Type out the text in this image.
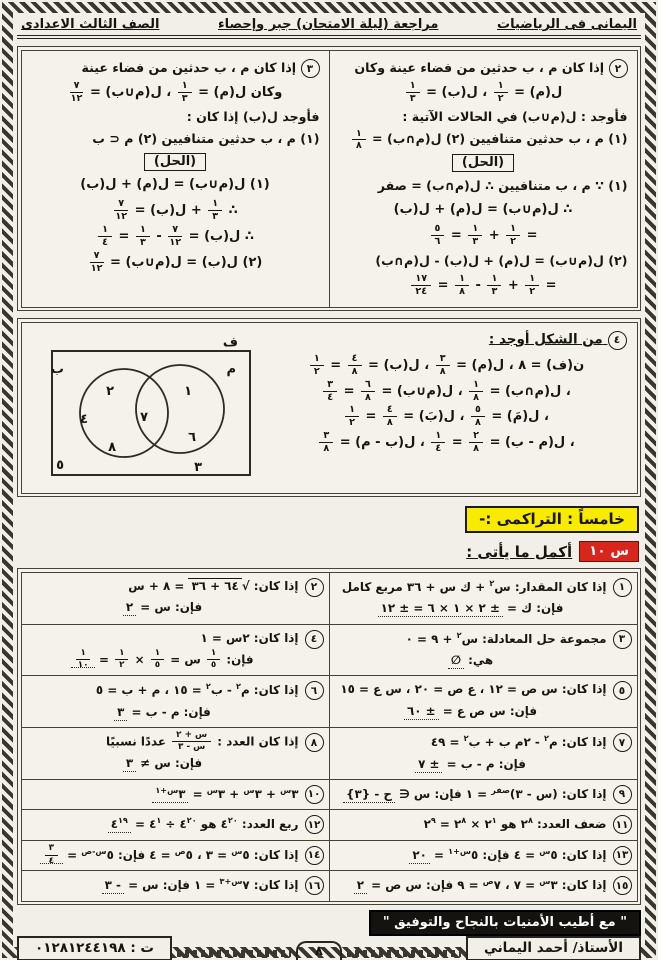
اليمانى فى الرياضيات
مراجعة (ليلة الامتحان) جبر وإحصاء
الصف الثالث الاعدادى
٢ إذا كان م ، ب حدثين من فضاء عينة وكان
ل(م) =
$\frac{١}{٢}$
، ل(ب) =
$\frac{١}{٣}$
فأوجد : ل(م∪ب) في الحالات الآتية :
(١) م ، ب حدثين متنافيين (٢) ل(م∩ب) =
$\frac{١}{٨}$
(الحل)
(١) ∵ م ، ب متنافيين ∴ ل(م∩ب) = صفر
∴ ل(م∪ب) = ل(م) + ل(ب)
=
$\frac{١}{٢}$
+
$\frac{١}{٣}$
=
$\frac{٥}{٦}$
(٢) ل(م∪ب) = ل(م) + ل(ب) - ل(م∩ب)
=
$\frac{١}{٢}$
+
$\frac{١}{٣}$
-
$\frac{١}{٨}$
=
$\frac{١٧}{٢٤}$
٣ إذا كان م ، ب حدثين من فضاء عينة
وكان ل(م) =
$\frac{١}{٣}$
، ل(م∪ب) =
$\frac{٧}{١٢}$
فأوجد ل(ب) إذا كان :
(١) م ، ب حدثين متنافيين (٢) م ⊂ ب
(الحل)
(١) ل(م∪ب) = ل(م) + ل(ب)
∴
$\frac{١}{٣}$
+ ل(ب) =
$\frac{٧}{١٢}$
∴ ل(ب) =
$\frac{٧}{١٢}$
-
$\frac{١}{٣}$
=
$\frac{١}{٤}$
(٢) ل(ب) = ل(م∪ب) =
$\frac{٧}{١٢}$
٤ من الشكل أوجد :
ن(ف) = ٨ ، ل(م) =
$\frac{٣}{٨}$
، ل(ب) =
$\frac{٤}{٨}$
=
$\frac{١}{٢}$
، ل(م∩ب) =
$\frac{١}{٨}$
، ل(م∪ب) =
$\frac{٦}{٨}$
=
$\frac{٣}{٤}$
، ل(مَ) =
$\frac{٥}{٨}$
، ل(بَ) =
$\frac{٤}{٨}$
=
$\frac{١}{٢}$
، ل(م - ب) =
$\frac{٢}{٨}$
=
$\frac{١}{٤}$
، ل(ب - م) =
$\frac{٣}{٨}$
ف
ب	م
٢
٤
٨
٧
١
٦
٥	٣
خامساً : التراكمى :-
س ١٠
أكمل ما يأتى :
١
إذا كان المقدار: س$^٢$ + ك س + ٣٦ مربع كامل
فإن: ك = ± ٢ × ١ × ٦ = ± ١٢
٢
إذا كان: √٦٤ + ٣٦ = ٨ + س
فإن: س = ٢
٣
مجموعة حل المعادلة: س$^٢$ + ٩ = ٠
هي: ∅
٤
إذا كان: ٢س = ١
فإن:
$\frac{١}{٥}$
س =
$\frac{١}{٥}$
×
$\frac{١}{٢}$
=
$\frac{١}{١٠}$
٥
إذا كان: س ص = ١٢ ، ع ص = ٢٠ ، س ع = ١٥
فإن: س ص ع = ± ٦٠
٦
إذا كان: م$^٢$ - ب$^٢$ = ١٥ ، م + ب = ٥
فإن: م - ب = ٣
٧
إذا كان: م$^٢$ - ٢م ب + ب$^٢$ = ٤٩
فإن: م - ب = ± ٧
٨
إذا كان العدد :
$\frac{\text{س + ٢}}{\text{س - ٣}}$
عددًا نسبيًا
فإن: س ≠ ٣
٩
إذا كان: (س - ٣)$^{صفر}$ = ١ فإن: س ∈ ح - {٣}
١٠
$٣^س$ + $٣^س$ + $٣^س$ = $٣^{س+١}$
١١
ضعف العدد: $٢^٨$ هو $٢^١$ × $٢^٨$ = $٢^٩$
١٢
ربع العدد: $٤^{٢٠}$ هو $٤^{٢٠}$ ÷ $٤^١$ = $٤^{١٩}$
١٣
إذا كان: $٥^س$ = ٤ فإن: $٥^{س+١}$ = ٢٠
١٤
إذا كان: $٥^س$ = ٣ ، $٥^ص$ = ٤ فإن: $٥^{س-ص}$ =
$\frac{٣}{٤}$
١٥
إذا كان: $٣^س$ = ٧ ، $٧^ص$ = ٩ فإن: س ص = ٢
١٦
إذا كان: $٧^{س+٣}$ = ١ فإن: س = - ٣
" مع أطيب الأمنيات بالنجاح والتوفيق "
الأستاذ/ أحمد اليماني
٨
ت : ٠١٢٨١٢٤٤١٩٨
